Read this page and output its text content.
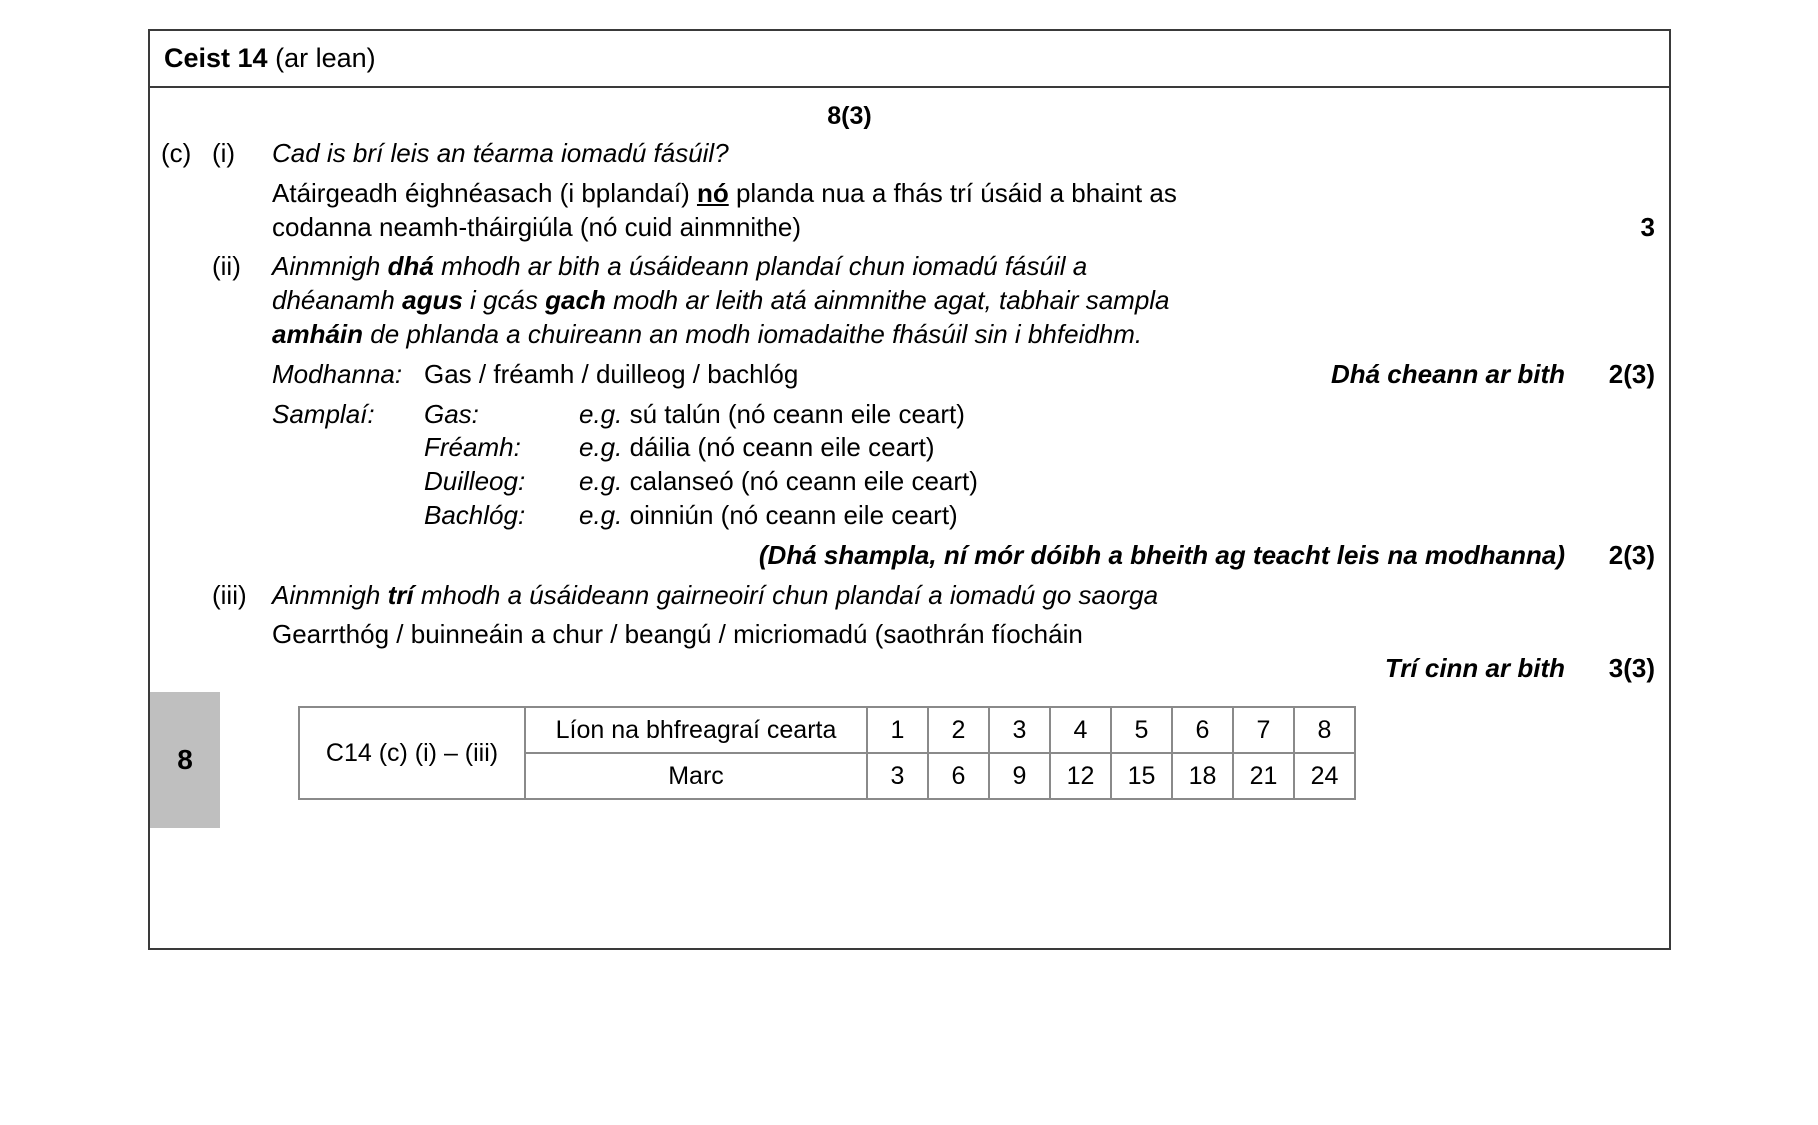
Ceist 14 (ar lean)
8(3)
(c) (i)	Cad is brí leis an téarma iomadú fásúil?
Atáirgeadh éighnéasach (i bplandaí) nó planda nua a fhás trí úsáid a bhaint as
codanna neamh-tháirgiúla (nó cuid ainmnithe)	3
(ii)	Ainmnigh dhá mhodh ar bith a úsáideann plandaí chun iomadú fásúil a
dhéanamh agus i gcás gach modh ar leith atá ainmnithe agat, tabhair sampla
amháin de phlanda a chuireann an modh iomadaithe fhásúil sin i bhfeidhm.
Modhanna: Gas / fréamh / duilleog / bachlóg	Dhá cheann ar bith	2(3)
Samplaí:	Gas:	e.g. sú talún (nó ceann eile ceart)
Fréamh:	e.g. dáilia (nó ceann eile ceart)
Duilleog:	e.g. calanseó (nó ceann eile ceart)
Bachlóg:	e.g. oinniún (nó ceann eile ceart)
(Dhá shampla, ní mór dóibh a bheith ag teacht leis na modhanna)	2(3)
(iii) Ainmnigh trí mhodh a úsáideann gairneoirí chun plandaí a iomadú go saorga
Gearrthóg / buinneáin a chur / beangú / micriomadú (saothrán fíocháin
Trí cinn ar bith	3(3)
8	C14 (c) (i) – (iii)	Líon na bhfreagraí cearta	1	2	3	4	5	6	7	8
	Marc	3	6	9	12	15	18	21	24
